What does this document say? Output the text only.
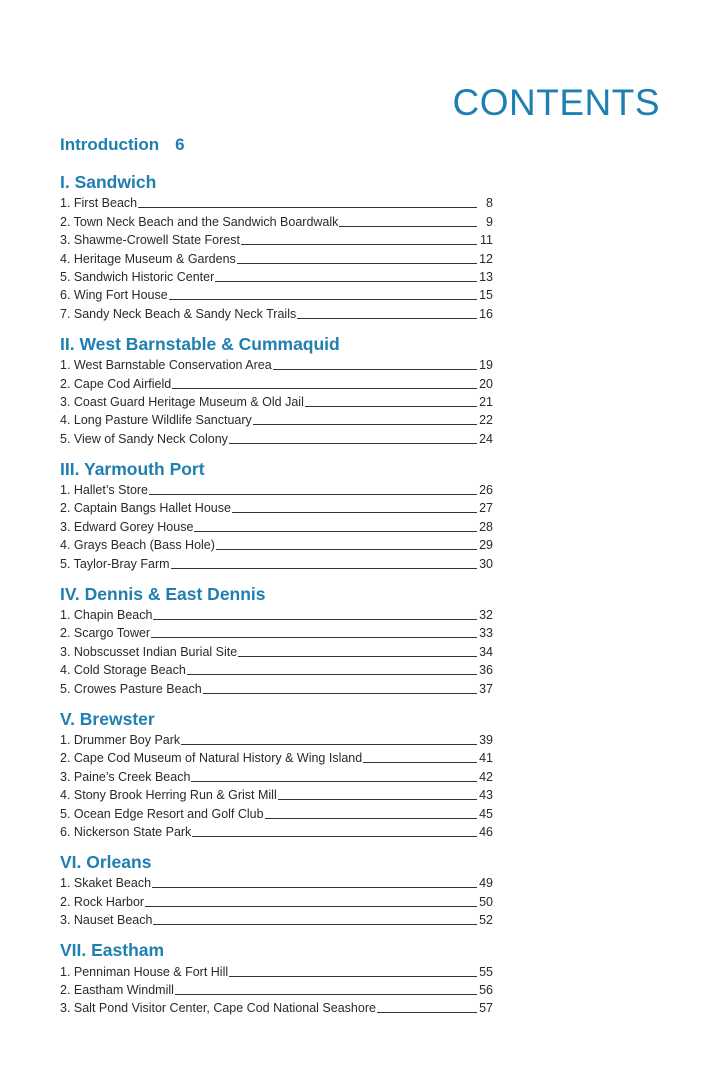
CONTENTS
Introduction 6
I. Sandwich
1. First Beach	8
2. Town Neck Beach and the Sandwich Boardwalk	9
3. Shawme-Crowell State Forest	11
4. Heritage Museum & Gardens	12
5. Sandwich Historic Center	13
6. Wing Fort House	15
7. Sandy Neck Beach & Sandy Neck Trails	16
II. West Barnstable & Cummaquid
1. West Barnstable Conservation Area	19
2. Cape Cod Airfield	20
3. Coast Guard Heritage Museum & Old Jail	21
4. Long Pasture Wildlife Sanctuary	22
5. View of Sandy Neck Colony	24
III. Yarmouth Port
1. Hallet’s Store	26
2. Captain Bangs Hallet House	27
3. Edward Gorey House	28
4. Grays Beach (Bass Hole)	29
5. Taylor-Bray Farm	30
IV. Dennis & East Dennis
1. Chapin Beach	32
2. Scargo Tower	33
3. Nobscusset Indian Burial Site	34
4. Cold Storage Beach	36
5. Crowes Pasture Beach	37
V. Brewster
1. Drummer Boy Park	39
2. Cape Cod Museum of Natural History & Wing Island	41
3. Paine’s Creek Beach	42
4. Stony Brook Herring Run & Grist Mill	43
5. Ocean Edge Resort and Golf Club	45
6. Nickerson State Park	46
VI. Orleans
1. Skaket Beach	49
2. Rock Harbor	50
3. Nauset Beach	52
VII. Eastham
1. Penniman House & Fort Hill	55
2. Eastham Windmill	56
3. Salt Pond Visitor Center, Cape Cod National Seashore	57
